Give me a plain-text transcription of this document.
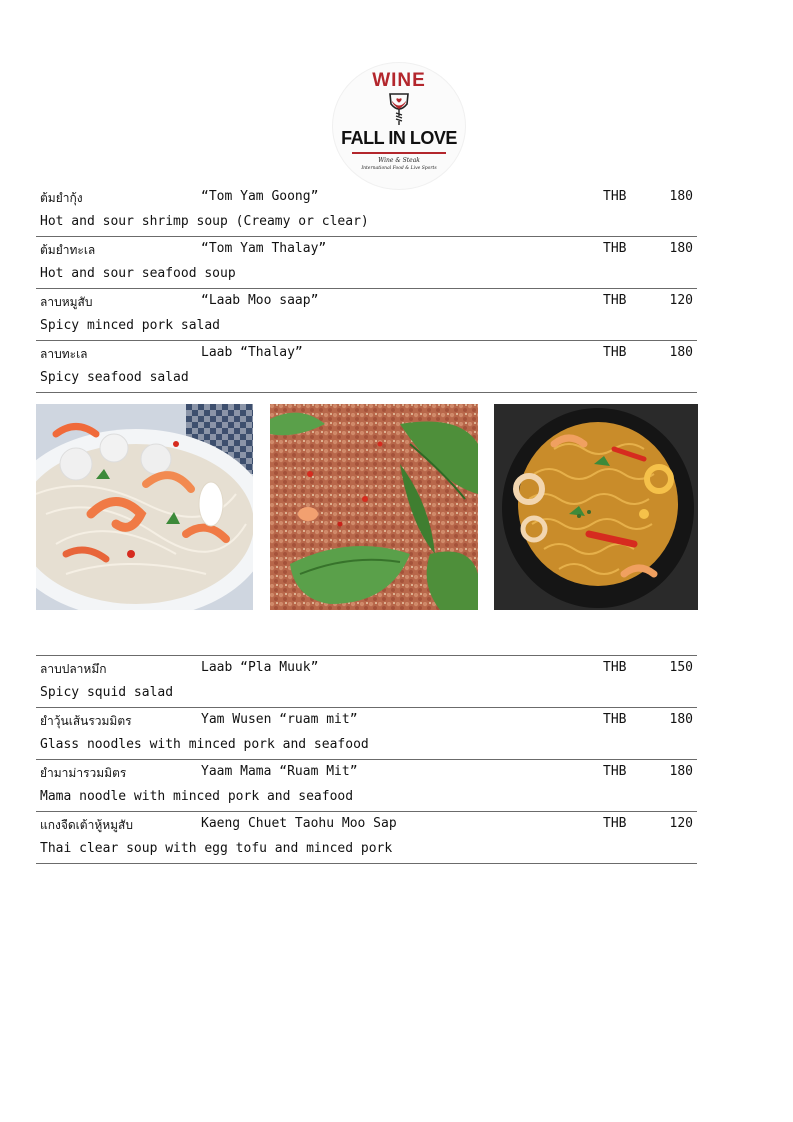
WINE
FALL IN LOVE
Wine & Steak
International Food & Live Sports
ต้มยำกุ้ง	“Tom Yam Goong”	THB	180
Hot and sour shrimp soup (Creamy or clear)
ต้มยำทะเล	“Tom Yam Thalay”	THB	180
Hot and sour seafood soup
ลาบหมูสับ	“Laab Moo saap”	THB	120
Spicy minced pork salad
ลาบทะเล	Laab “Thalay”	THB	180
Spicy seafood salad
ลาบปลาหมึก	Laab “Pla Muuk”	THB	150
Spicy squid salad
ยำวุ้นเส้นรวมมิตร	Yam Wusen “ruam mit”	THB	180
Glass noodles with minced pork and seafood
ยำมาม่ารวมมิตร	Yaam Mama “Ruam Mit”	THB	180
Mama noodle with minced pork and seafood
แกงจืดเต้าหู้หมูสับ	Kaeng Chuet Taohu Moo Sap	THB	120
Thai clear soup with egg tofu and minced pork
